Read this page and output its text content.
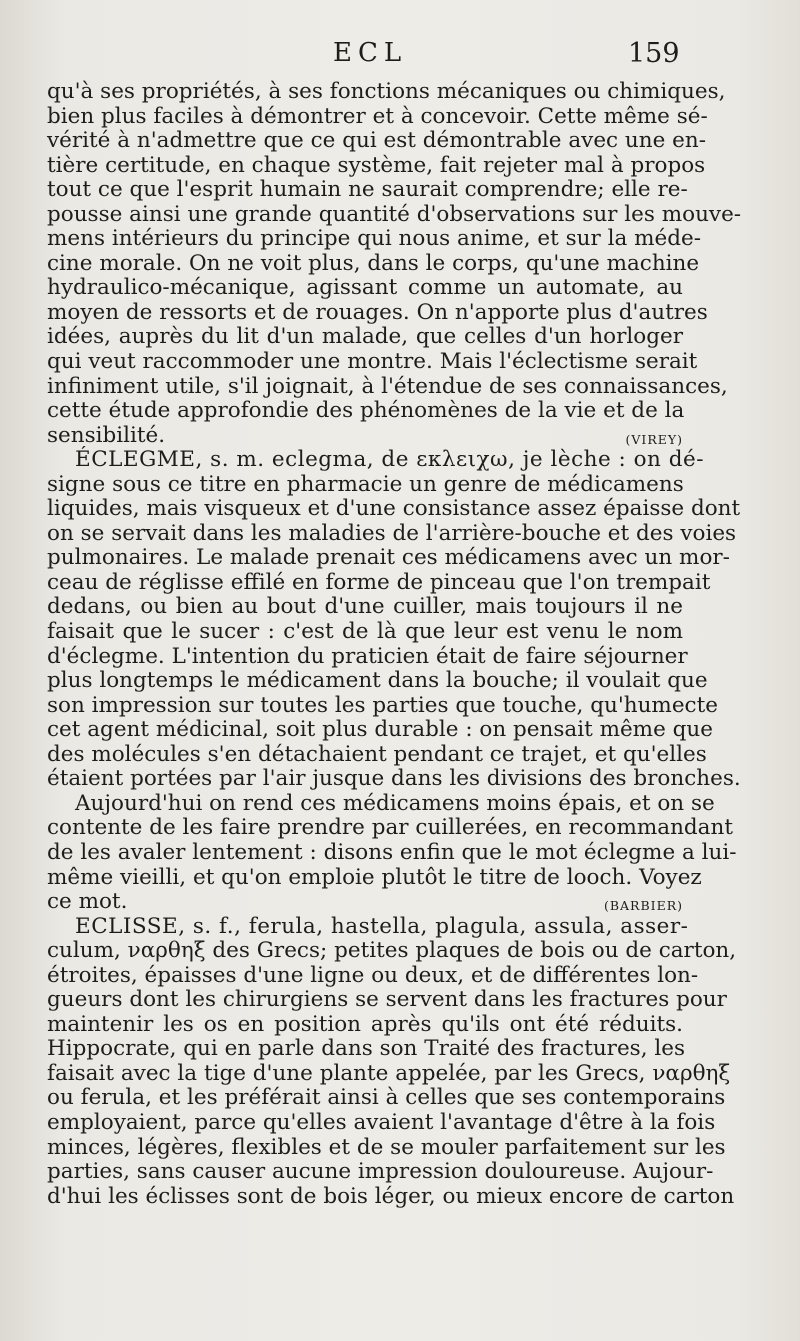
ECL	159
qu'à ses propriétés, à ses fonctions mécaniques ou chimiques,
bien plus faciles à démontrer et à concevoir. Cette même sé-
vérité à n'admettre que ce qui est démontrable avec une en-
tière certitude, en chaque système, fait rejeter mal à propos
tout ce que l'esprit humain ne saurait comprendre; elle re-
pousse ainsi une grande quantité d'observations sur les mouve-
mens intérieurs du principe qui nous anime, et sur la méde-
cine morale. On ne voit plus, dans le corps, qu'une machine
hydraulico-mécanique, agissant comme un automate, au
moyen de ressorts et de rouages. On n'apporte plus d'autres
idées, auprès du lit d'un malade, que celles d'un horloger
qui veut raccommoder une montre. Mais l'éclectisme serait
infiniment utile, s'il joignait, à l'étendue de ses connaissances,
cette étude approfondie des phénomènes de la vie et de la
sensibilité.	(VIREY)
ÉCLEGME, s. m. eclegma, de εκλειχω, je lèche : on dé-
signe sous ce titre en pharmacie un genre de médicamens
liquides, mais visqueux et d'une consistance assez épaisse dont
on se servait dans les maladies de l'arrière-bouche et des voies
pulmonaires. Le malade prenait ces médicamens avec un mor-
ceau de réglisse effilé en forme de pinceau que l'on trempait
dedans, ou bien au bout d'une cuiller, mais toujours il ne
faisait que le sucer : c'est de là que leur est venu le nom
d'éclegme. L'intention du praticien était de faire séjourner
plus longtemps le médicament dans la bouche; il voulait que
son impression sur toutes les parties que touche, qu'humecte
cet agent médicinal, soit plus durable : on pensait même que
des molécules s'en détachaient pendant ce trajet, et qu'elles
étaient portées par l'air jusque dans les divisions des bronches.
Aujourd'hui on rend ces médicamens moins épais, et on se
contente de les faire prendre par cuillerées, en recommandant
de les avaler lentement : disons enfin que le mot éclegme a lui-
même vieilli, et qu'on emploie plutôt le titre de looch. Voyez
ce mot.	(BARBIER)
ECLISSE, s. f., ferula, hastella, plagula, assula, asser-
culum, ναρθηξ des Grecs; petites plaques de bois ou de carton,
étroites, épaisses d'une ligne ou deux, et de différentes lon-
gueurs dont les chirurgiens se servent dans les fractures pour
maintenir les os en position après qu'ils ont été réduits.
Hippocrate, qui en parle dans son Traité des fractures, les
faisait avec la tige d'une plante appelée, par les Grecs, ναρθηξ
ou ferula, et les préférait ainsi à celles que ses contemporains
employaient, parce qu'elles avaient l'avantage d'être à la fois
minces, légères, flexibles et de se mouler parfaitement sur les
parties, sans causer aucune impression douloureuse. Aujour-
d'hui les éclisses sont de bois léger, ou mieux encore de carton
